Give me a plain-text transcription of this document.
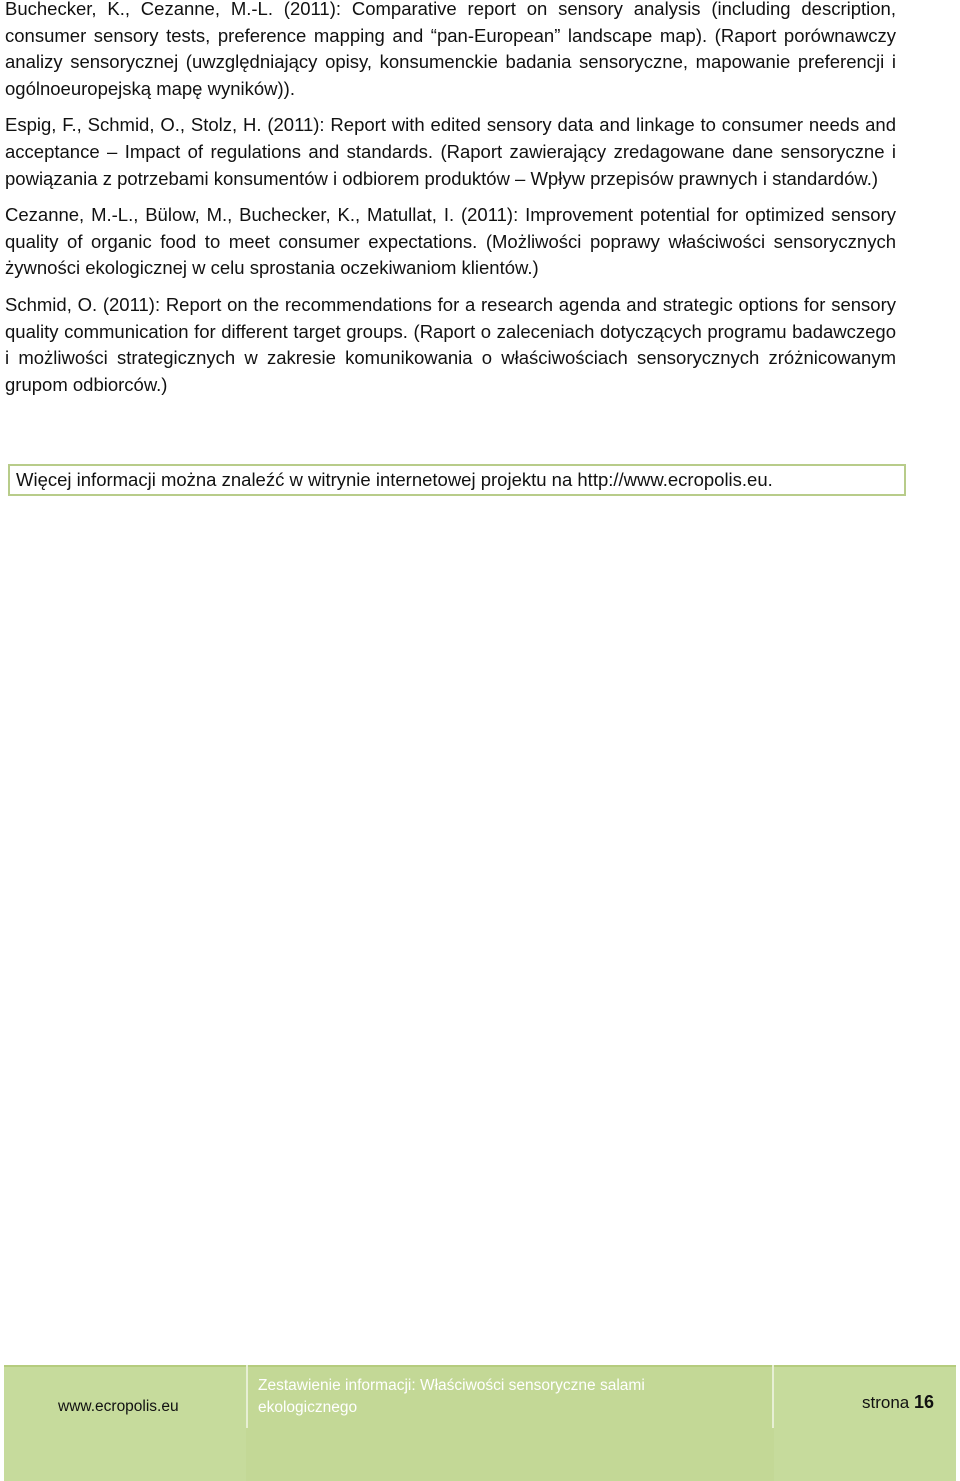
Buchecker, K., Cezanne, M.-L. (2011): Comparative report on sensory analysis (including description, consumer sensory tests, preference mapping and “pan-European” landscape map). (Raport porównawczy analizy sensorycznej (uwzględniający opisy, konsumenckie badania sensoryczne, mapowanie preferencji i ogólnoeuropejską mapę wyników)).

Espig, F., Schmid, O., Stolz, H. (2011): Report with edited sensory data and linkage to consumer needs and acceptance – Impact of regulations and standards. (Raport zawierający zredagowane dane sensoryczne i powiązania z potrzebami konsumentów i odbiorem produktów – Wpływ przepisów prawnych i standardów.)

Cezanne, M.-L., Bülow, M., Buchecker, K., Matullat, I. (2011): Improvement potential for optimized sensory quality of organic food to meet consumer expectations. (Możliwości poprawy właściwości sensorycznych żywności ekologicznej w celu sprostania oczekiwaniom klientów.)

Schmid, O. (2011): Report on the recommendations for a research agenda and strategic options for sensory quality communication for different target groups. (Raport o zaleceniach dotyczących programu badawczego i możliwości strategicznych w zakresie komunikowania o właściwościach sensorycznych zróżnicowanym grupom odbiorców.)

Więcej informacji można znaleźć w witrynie internetowej projektu na http://www.ecropolis.eu.
www.ecropolis.eu
Zestawienie informacji: Właściwości sensoryczne salami ekologicznego	strona 16
